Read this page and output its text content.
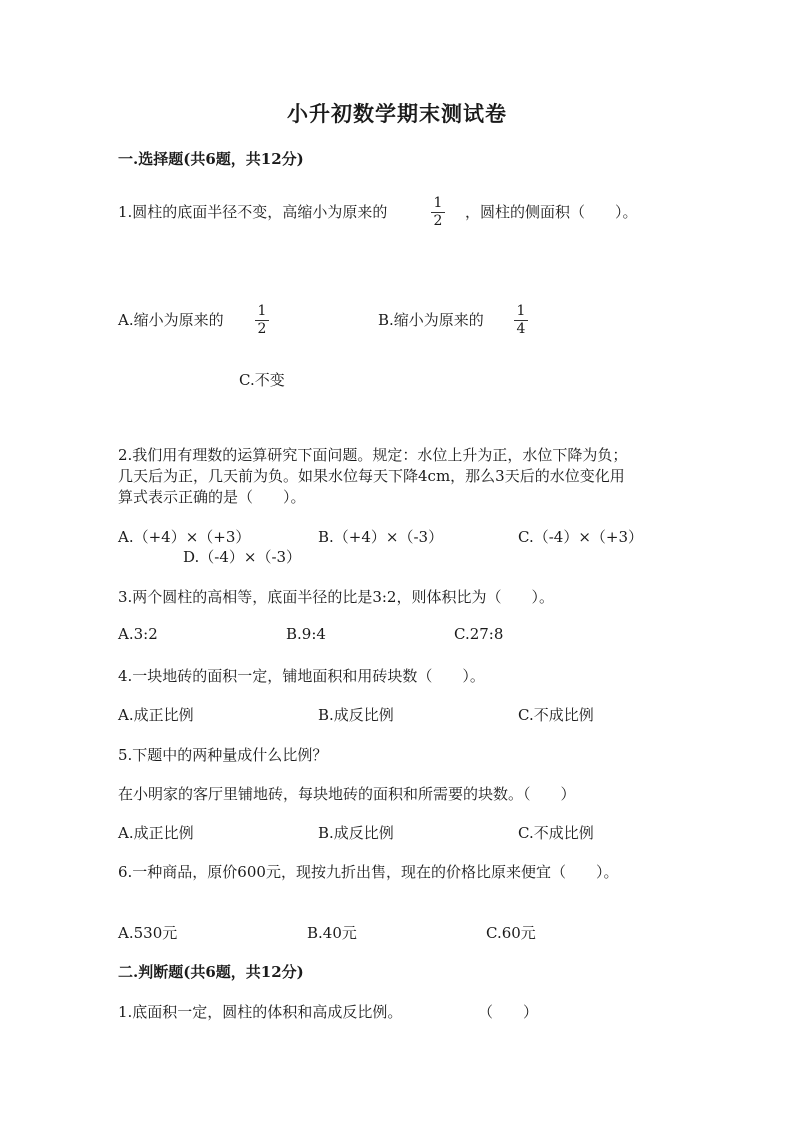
小升初数学期末测试卷
一.选择题(共6题，共12分)
1.圆柱的底面半径不变，高缩小为原来的	1
2 ，圆柱的侧面积（　　）。
A.缩小为原来的 1
2	B.缩小为原来的 1
4
C.不变
2.我们用有理数的运算研究下面问题。规定：水位上升为正，水位下降为负；
几天后为正，几天前为负。如果水位每天下降4cm，那么3天后的水位变化用
算式表示正确的是（　　）。
A.（+4）×（+3）	B.（+4）×（-3）	C.（-4）×（+3）
D.（-4）×（-3）
3.两个圆柱的高相等，底面半径的比是3:2，则体积比为（　　）。
A.3:2	B.9:4	C.27:8
4.一块地砖的面积一定，铺地面积和用砖块数（　　）。
A.成正比例	B.成反比例	C.不成比例
5.下题中的两种量成什么比例？
在小明家的客厅里铺地砖，每块地砖的面积和所需要的块数。（　　）
A.成正比例	B.成反比例	C.不成比例
6.一种商品，原价600元，现按九折出售，现在的价格比原来便宜（　　）。
A.530元	B.40元	C.60元
二.判断题(共6题，共12分)
1.底面积一定，圆柱的体积和高成反比例。	（　　）
